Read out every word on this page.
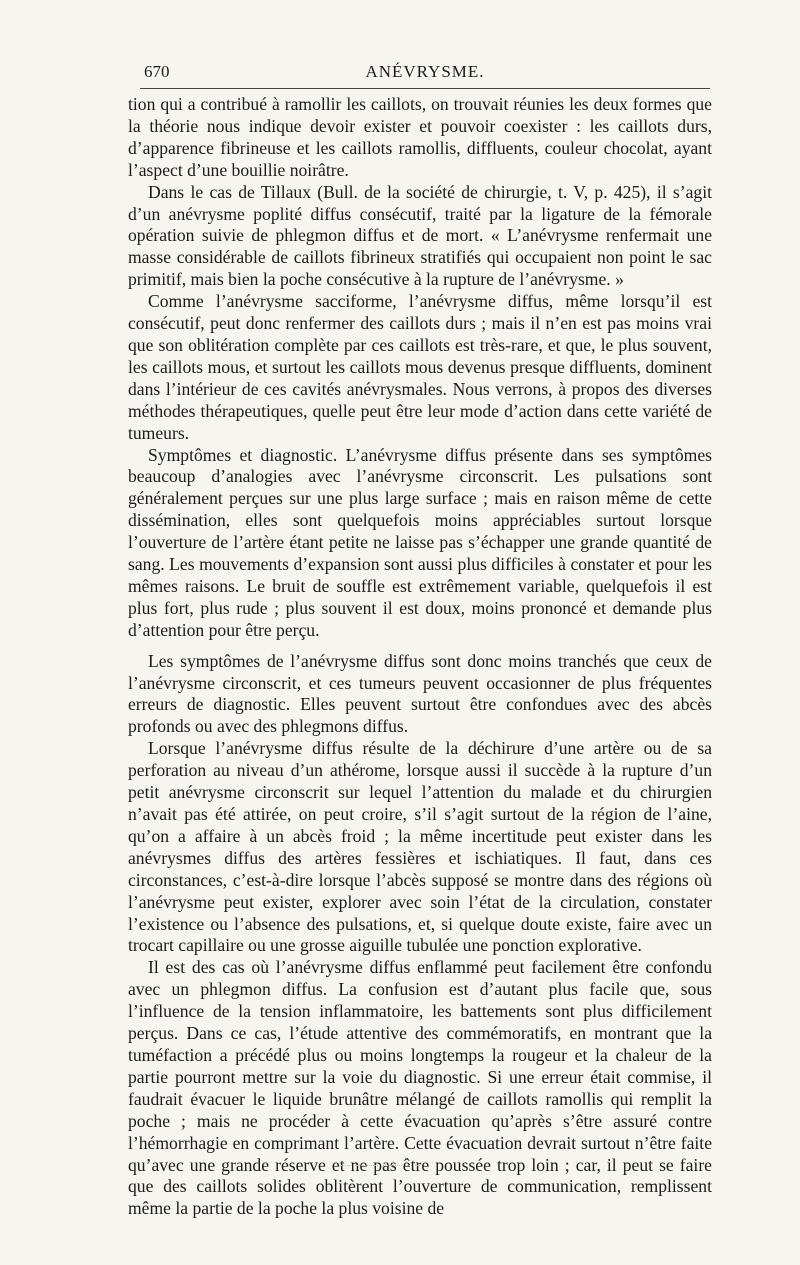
670	ANÉVRYSME.

tion qui a contribué à ramollir les caillots, on trouvait réunies les deux formes que la théorie nous indique devoir exister et pouvoir coexister : les caillots durs, d’apparence fibrineuse et les caillots ramollis, diffluents, couleur chocolat, ayant l’aspect d’une bouillie noirâtre.

Dans le cas de Tillaux (Bull. de la société de chirurgie, t. V, p. 425), il s’agit d’un anévrysme poplité diffus consécutif, traité par la ligature de la fémorale opération suivie de phlegmon diffus et de mort. « L’anévrysme renfermait une masse considérable de caillots fibrineux stratifiés qui occupaient non point le sac primitif, mais bien la poche consécutive à la rupture de l’anévrysme. »

Comme l’anévrysme sacciforme, l’anévrysme diffus, même lorsqu’il est consécutif, peut donc renfermer des caillots durs ; mais il n’en est pas moins vrai que son oblitération complète par ces caillots est très-rare, et que, le plus souvent, les caillots mous, et surtout les caillots mous devenus presque diffluents, dominent dans l’intérieur de ces cavités anévrysmales. Nous verrons, à propos des diverses méthodes thérapeutiques, quelle peut être leur mode d’action dans cette variété de tumeurs.

Symptômes et diagnostic. L’anévrysme diffus présente dans ses symptômes beaucoup d’analogies avec l’anévrysme circonscrit. Les pulsations sont généralement perçues sur une plus large surface ; mais en raison même de cette dissémination, elles sont quelquefois moins appréciables surtout lorsque l’ouverture de l’artère étant petite ne laisse pas s’échapper une grande quantité de sang. Les mouvements d’expansion sont aussi plus difficiles à constater et pour les mêmes raisons. Le bruit de souffle est extrêmement variable, quelquefois il est plus fort, plus rude ; plus souvent il est doux, moins prononcé et demande plus d’attention pour être perçu.

Les symptômes de l’anévrysme diffus sont donc moins tranchés que ceux de l’anévrysme circonscrit, et ces tumeurs peuvent occasionner de plus fréquentes erreurs de diagnostic. Elles peuvent surtout être confondues avec des abcès profonds ou avec des phlegmons diffus.

Lorsque l’anévrysme diffus résulte de la déchirure d’une artère ou de sa perforation au niveau d’un athérome, lorsque aussi il succède à la rupture d’un petit anévrysme circonscrit sur lequel l’attention du malade et du chirurgien n’avait pas été attirée, on peut croire, s’il s’agit surtout de la région de l’aine, qu’on a affaire à un abcès froid ; la même incertitude peut exister dans les anévrysmes diffus des artères fessières et ischiatiques. Il faut, dans ces circonstances, c’est-à-dire lorsque l’abcès supposé se montre dans des régions où l’anévrysme peut exister, explorer avec soin l’état de la circulation, constater l’existence ou l’absence des pulsations, et, si quelque doute existe, faire avec un trocart capillaire ou une grosse aiguille tubulée une ponction explorative.

Il est des cas où l’anévrysme diffus enflammé peut facilement être confondu avec un phlegmon diffus. La confusion est d’autant plus facile que, sous l’influence de la tension inflammatoire, les battements sont plus difficilement perçus. Dans ce cas, l’étude attentive des commémoratifs, en montrant que la tuméfaction a précédé plus ou moins longtemps la rougeur et la chaleur de la partie pourront mettre sur la voie du diagnostic. Si une erreur était commise, il faudrait évacuer le liquide brunâtre mélangé de caillots ramollis qui remplit la poche ; mais ne procéder à cette évacuation qu’après s’être assuré contre l’hémorrhagie en comprimant l’artère. Cette évacuation devrait surtout n’être faite qu’avec une grande réserve et ne pas être poussée trop loin ; car, il peut se faire que des caillots solides oblitèrent l’ouverture de communication, remplissent même la partie de la poche la plus voisine de
